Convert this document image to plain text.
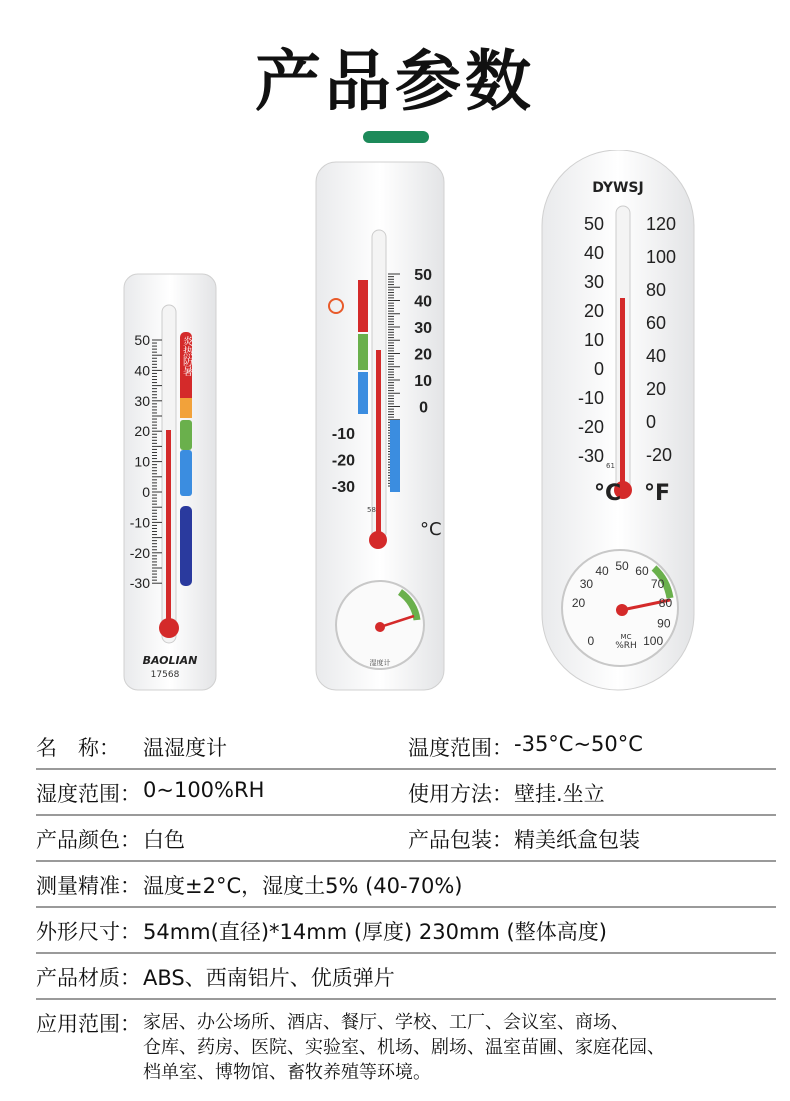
产品参数
50
40
30
20
10
0
-10
-20
-30
炎热防暑
BAOLIAN
17568
50
40
30
20
10
0
-10
-20
-30
°C
58
湿度计
DYWSJ
50
40
30
20
10
0
-10
-20
-30
120
100
80
60
40
20
0
-20
°C °F
61
0
20
30
40 50 60
70
80
90
100
%RH
MC
名　称： 温湿度计	温度范围： -35°C~50°C
湿度范围： 0~100%RH	使用方法： 壁挂.坐立
产品颜色： 白色	产品包装： 精美纸盒包装
测量精准： 温度±2°C，湿度土5% (40-70%)
外形尺寸： 54mm(直径)*14mm (厚度) 230mm (整体高度)
产品材质： ABS、西南铝片、优质弹片
应用范围： 家居、办公场所、酒店、餐厅、学校、工厂、会议室、商场、
仓库、药房、医院、实验室、机场、剧场、温室苗圃、家庭花园、
档单室、博物馆、畜牧养殖等环境。
